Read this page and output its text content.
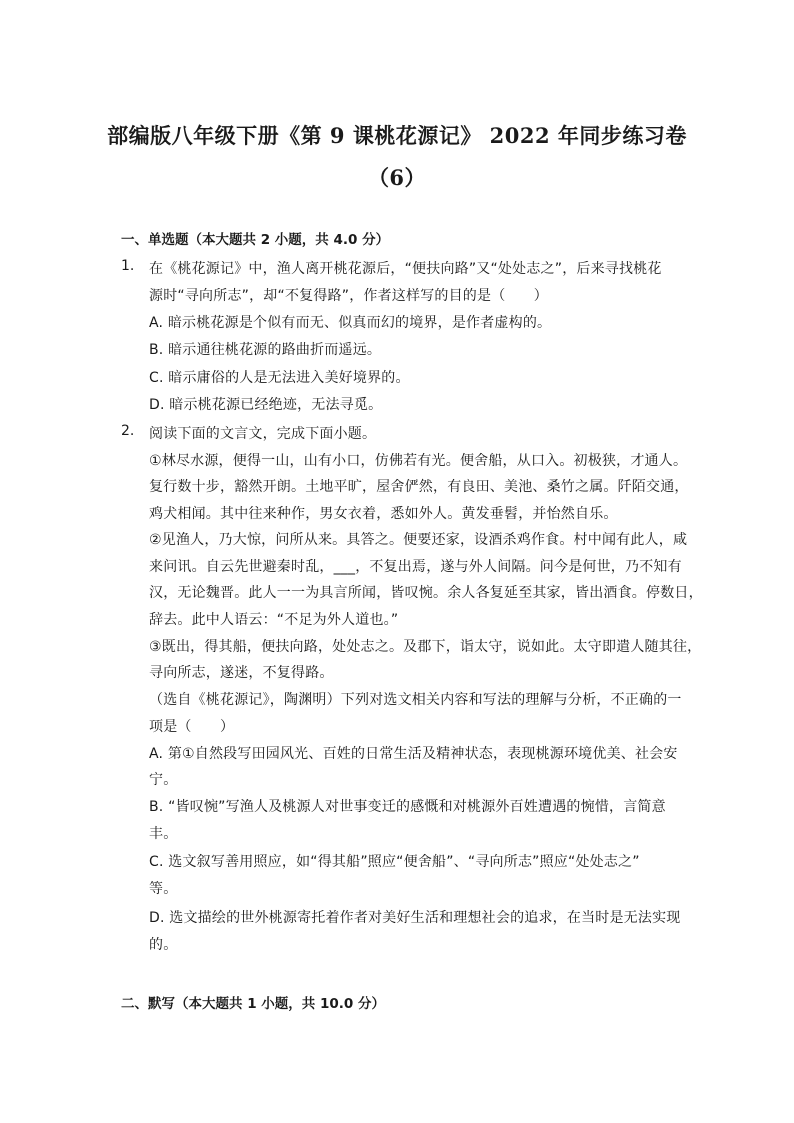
部编版八年级下册《第 9 课桃花源记》 2022 年同步练习卷
（6）
一、单选题（本大题共 2 小题，共 4.0 分）
1. 在《桃花源记》中，渔人离开桃花源后，“便扶向路”又“处处志之”，后来寻找桃花
源时“寻向所志”，却“不复得路”，作者这样写的目的是（　　）
A. 暗示桃花源是个似有而无、似真而幻的境界，是作者虚构的。
B. 暗示通往桃花源的路曲折而遥远。
C. 暗示庸俗的人是无法进入美好境界的。
D. 暗示桃花源已经绝迹，无法寻觅。
2. 阅读下面的文言文，完成下面小题。
①林尽水源，便得一山，山有小口，仿佛若有光。便舍船，从口入。初极狭，才通人。
复行数十步，豁然开朗。土地平旷，屋舍俨然，有良田、美池、桑竹之属。阡陌交通，
鸡犬相闻。其中往来种作，男女衣着，悉如外人。黄发垂髫，并怡然自乐。
②见渔人，乃大惊，问所从来。具答之。便要还家，设酒杀鸡作食。村中闻有此人，咸
来问讯。自云先世避秦时乱，___，不复出焉，遂与外人间隔。问今是何世，乃不知有
汉，无论魏晋。此人一一为具言所闻，皆叹惋。余人各复延至其家，皆出酒食。停数日，
辞去。此中人语云：“不足为外人道也。”
③既出，得其船，便扶向路，处处志之。及郡下，诣太守，说如此。太守即遣人随其往，
寻向所志，遂迷，不复得路。
（选自《桃花源记》，陶渊明）下列对选文相关内容和写法的理解与分析，不正确的一
项是（　　）
A. 第①自然段写田园风光、百姓的日常生活及精神状态，表现桃源环境优美、社会安
宁。
B. “皆叹惋”写渔人及桃源人对世事变迁的感慨和对桃源外百姓遭遇的惋惜，言简意
丰。
C. 选文叙写善用照应，如“得其船”照应“便舍船”、“寻向所志”照应“处处志之”
等。
D. 选文描绘的世外桃源寄托着作者对美好生活和理想社会的追求，在当时是无法实现
的。
二、默写（本大题共 1 小题，共 10.0 分）
